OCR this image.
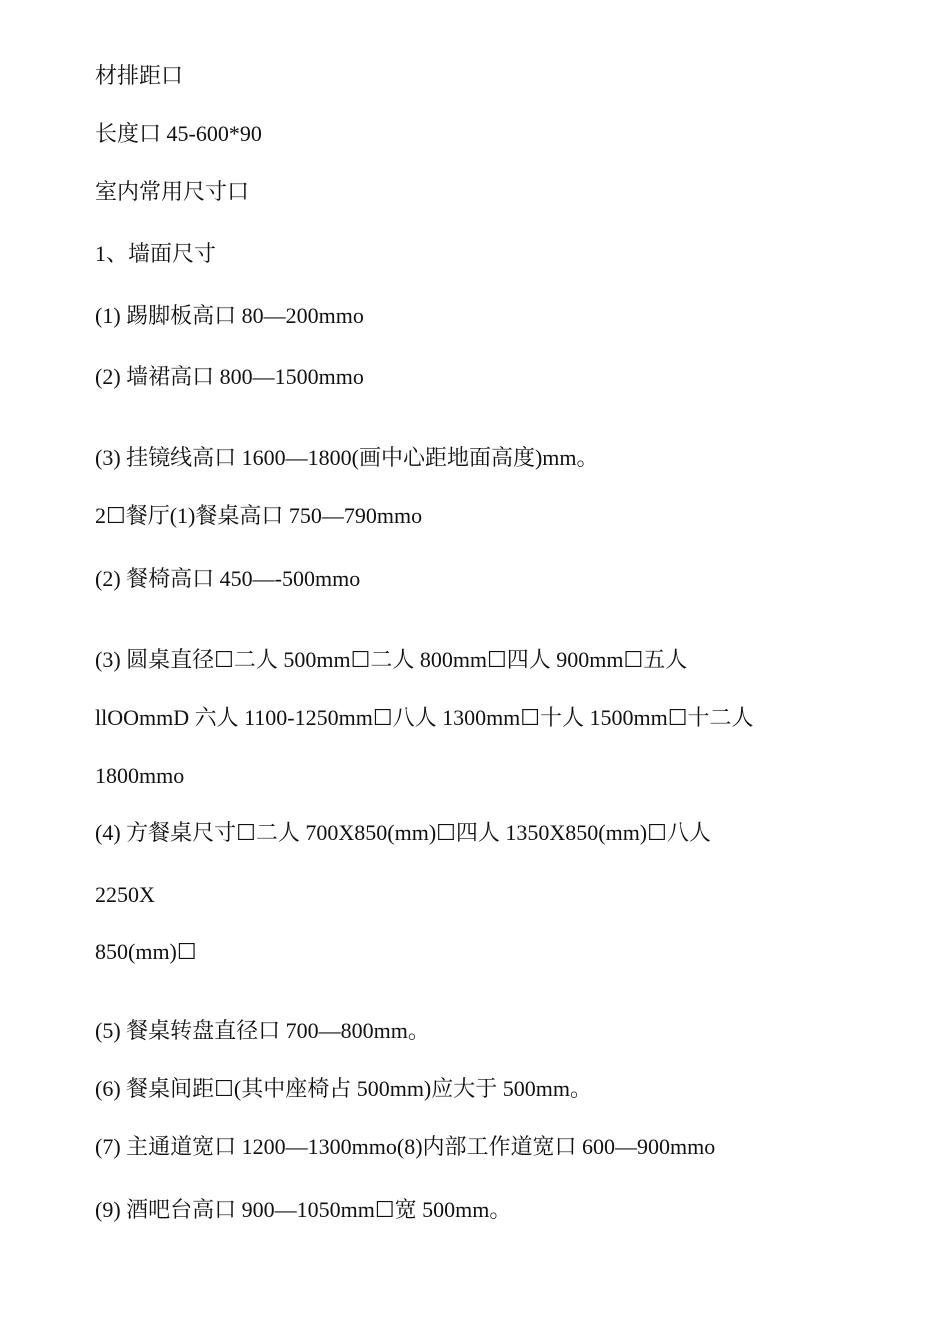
材排距口
长度口 45-600*90
室内常用尺寸口
1、墙面尺寸
(1) 踢脚板高口 80—200mmo
(2) 墙裙高口 800—1500mmo
(3) 挂镜线高口 1600—1800(画中心距地面高度)mm。
2☐餐厅(1)餐桌高口 750—790mmo
(2) 餐椅高口 450—-500mmo
(3) 圆桌直径☐二人 500mm☐二人 800mm☐四人 900mm☐五人
llOOmmD 六人 1100-1250mm☐八人 1300mm☐十人 1500mm☐十二人
1800mmo
(4) 方餐桌尺寸☐二人 700X850(mm)☐四人 1350X850(mm)☐八人
2250X
850(mm)☐
(5) 餐桌转盘直径口 700—800mm。
(6) 餐桌间距☐(其中座椅占 500mm)应大于 500mm。
(7) 主通道宽口 1200—1300mmo(8)内部工作道宽口 600—900mmo
(9) 酒吧台高口 900—1050mm☐宽 500mm。
